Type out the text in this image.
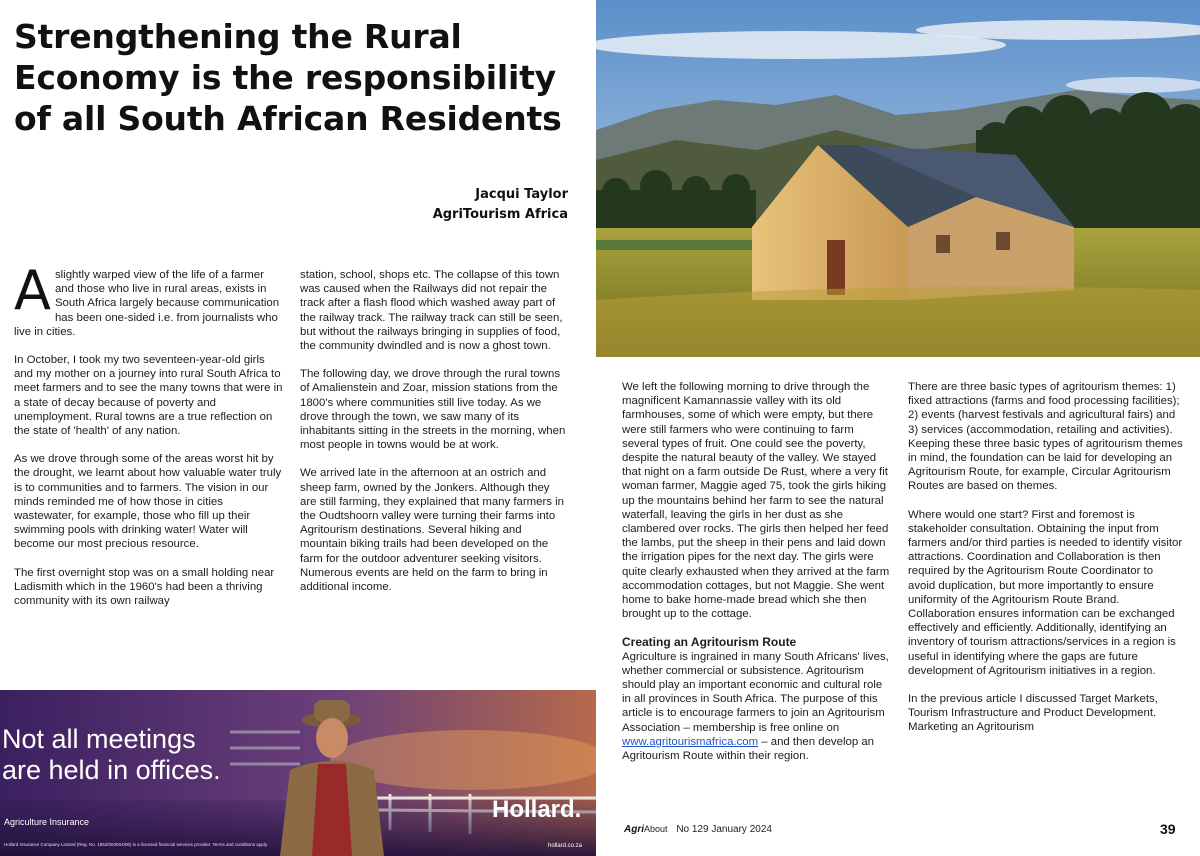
Strengthening the Rural Economy is the responsibility of all South African Residents
Jacqui Taylor
AgriTourism Africa

Aslightly warped view of the life of a farmer and those who live in rural areas, exists in South Africa largely because communication has been one-sided i.e. from journalists who live in cities.

In October, I took my two seventeen-year-old girls and my mother on a journey into rural South Africa to meet farmers and to see the many towns that were in a state of decay because of poverty and unemployment. Rural towns are a true reflection on the state of 'health' of any nation.

As we drove through some of the areas worst hit by the drought, we learnt about how valuable water truly is to communities and to farmers. The vision in our minds reminded me of how those in cities wastewater, for example, those who fill up their swimming pools with drinking water! Water will become our most precious resource.

The first overnight stop was on a small holding near Ladismith which in the 1960's had been a thriving community with its own railway

station, school, shops etc. The collapse of this town was caused when the Railways did not repair the track after a flash flood which washed away part of the railway track. The railway track can still be seen, but without the railways bringing in supplies of food, the community dwindled and is now a ghost town.

The following day, we drove through the rural towns of Amalienstein and Zoar, mission stations from the 1800's where communities still live today. As we drove through the town, we saw many of its inhabitants sitting in the streets in the morning, when most people in towns would be at work.

We arrived late in the afternoon at an ostrich and sheep farm, owned by the Jonkers. Although they are still farming, they explained that many farmers in the Oudtshoorn valley were turning their farms into Agritourism destinations. Several hiking and mountain biking trails had been developed on the farm for the outdoor adventurer seeking visitors. Numerous events are held on the farm to bring in additional income.

We left the following morning to drive through the magnificent Kamannassie valley with its old farmhouses, some of which were empty, but there were still farmers who were continuing to farm several types of fruit. One could see the poverty, despite the natural beauty of the valley. We stayed that night on a farm outside De Rust, where a very fit woman farmer, Maggie aged 75, took the girls hiking up the mountains behind her farm to see the natural waterfall, leaving the girls in her dust as she clambered over rocks. The girls then helped her feed the lambs, put the sheep in their pens and laid down the irrigation pipes for the next day. The girls were quite clearly exhausted when they arrived at the farm accommodation cottages, but not Maggie. She went home to bake home-made bread which she then brought up to the cottage.

Creating an Agritourism Route

Agriculture is ingrained in many South Africans' lives, whether commercial or subsistence. Agritourism should play an important economic and cultural role in all provinces in South Africa. The purpose of this article is to encourage farmers to join an Agritourism Association – membership is free online on www.agritourismafrica.com – and then develop an Agritourism Route within their region.

There are three basic types of agritourism themes: 1) fixed attractions (farms and food processing facilities); 2) events (harvest festivals and agricultural fairs) and 3) services (accommodation, retailing and activities). Keeping these three basic types of agritourism themes in mind, the foundation can be laid for developing an Agritourism Route, for example, Circular Agritourism Routes are based on themes.

Where would one start? First and foremost is stakeholder consultation. Obtaining the input from farmers and/or third parties is needed to identify visitor attractions. Coordination and Collaboration is then required by the Agritourism Route Coordinator to avoid duplication, but more importantly to ensure uniformity of the Agritourism Route Brand. Collaboration ensures information can be exchanged effectively and efficiently. Additionally, identifying an inventory of tourism attractions/services in a region is useful in identifying where the gaps are future development of Agritourism initiatives in a region.

In the previous article I discussed Target Markets, Tourism Infrastructure and Product Development. Marketing an Agritourism

Not all meetings
are held in offices.
Agriculture Insurance
Hollard Insurance Company Limited (Reg. No. 1952/003004/06) is a licensed financial services provider. Terms and conditions apply.
Hollard.
hollard.co.za
AgriAbout No 129 January 2024	39
